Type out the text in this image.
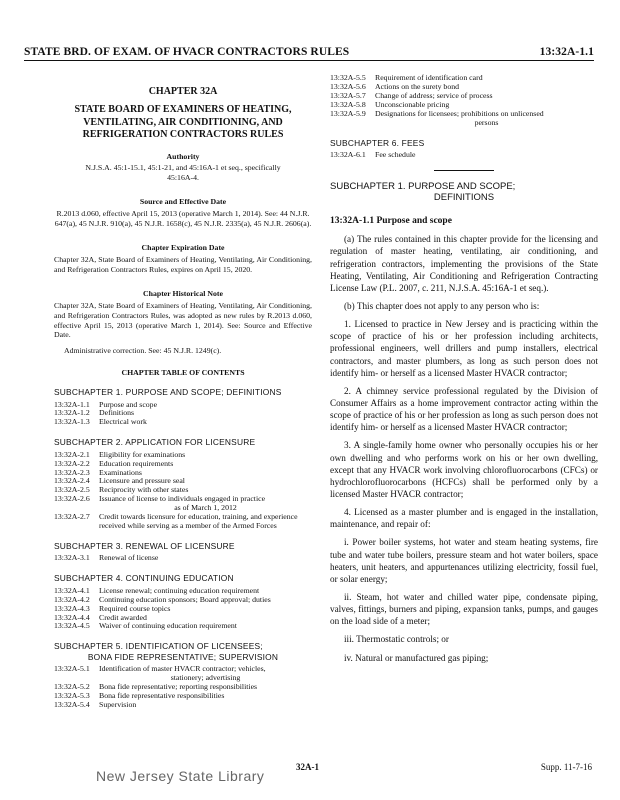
STATE BRD. OF EXAM. OF HVACR CONTRACTORS RULES	13:32A-1.1
CHAPTER 32A
STATE BOARD OF EXAMINERS OF HEATING, VENTILATING, AIR CONDITIONING, AND REFRIGERATION CONTRACTORS RULES
Authority
N.J.S.A. 45:1-15.1, 45:1-21, and 45:16A-1 et seq., specifically 45:16A-4.
Source and Effective Date
R.2013 d.060, effective April 15, 2013 (operative March 1, 2014). See: 44 N.J.R. 647(a), 45 N.J.R. 910(a), 45 N.J.R. 1658(c), 45 N.J.R. 2335(a), 45 N.J.R. 2606(a).
Chapter Expiration Date
Chapter 32A, State Board of Examiners of Heating, Ventilating, Air Conditioning, and Refrigeration Contractors Rules, expires on April 15, 2020.
Chapter Historical Note
Chapter 32A, State Board of Examiners of Heating, Ventilating, Air Conditioning, and Refrigeration Contractors Rules, was adopted as new rules by R.2013 d.060, effective April 15, 2013 (operative March 1, 2014). See: Source and Effective Date.
Administrative correction. See: 45 N.J.R. 1249(c).
CHAPTER TABLE OF CONTENTS
SUBCHAPTER 1. PURPOSE AND SCOPE; DEFINITIONS
13:32A-1.1	Purpose and scope
13:32A-1.2	Definitions
13:32A-1.3	Electrical work
SUBCHAPTER 2. APPLICATION FOR LICENSURE
13:32A-2.1	Eligibility for examinations
13:32A-2.2	Education requirements
13:32A-2.3	Examinations
13:32A-2.4	Licensure and pressure seal
13:32A-2.5	Reciprocity with other states
13:32A-2.6	Issuance of license to individuals engaged in practice
as of March 1, 2012
13:32A-2.7	Credit towards licensure for education, training, and experience received while serving as a member of the Armed Forces
SUBCHAPTER 3. RENEWAL OF LICENSURE
13:32A-3.1	Renewal of license
SUBCHAPTER 4. CONTINUING EDUCATION
13:32A-4.1	License renewal; continuing education requirement
13:32A-4.2	Continuing education sponsors; Board approval; duties
13:32A-4.3	Required course topics
13:32A-4.4	Credit awarded
13:32A-4.5	Waiver of continuing education requirement
SUBCHAPTER 5. IDENTIFICATION OF LICENSEES;
BONA FIDE REPRESENTATIVE; SUPERVISION
13:32A-5.1	Identification of master HVACR contractor; vehicles,
stationery; advertising
13:32A-5.2	Bona fide representative; reporting responsibilities
13:32A-5.3	Bona fide representative responsibilities
13:32A-5.4	Supervision
13:32A-5.5	Requirement of identification card
13:32A-5.6	Actions on the surety bond
13:32A-5.7	Change of address; service of process
13:32A-5.8	Unconscionable pricing
13:32A-5.9	Designations for licensees; prohibitions on unlicensed
persons
SUBCHAPTER 6. FEES
13:32A-6.1	Fee schedule
SUBCHAPTER 1. PURPOSE AND SCOPE;
DEFINITIONS
13:32A-1.1 Purpose and scope
(a) The rules contained in this chapter provide for the licensing and regulation of master heating, ventilating, air conditioning, and refrigeration contractors, implementing the provisions of the State Heating, Ventilating, Air Conditioning and Refrigeration Contracting License Law (P.L. 2007, c. 211, N.J.S.A. 45:16A-1 et seq.).
(b) This chapter does not apply to any person who is:
1. Licensed to practice in New Jersey and is practicing within the scope of practice of his or her profession including architects, professional engineers, well drillers and pump installers, electrical contractors, and master plumbers, as long as such person does not identify him- or herself as a licensed Master HVACR contractor;
2. A chimney service professional regulated by the Division of Consumer Affairs as a home improvement contractor acting within the scope of practice of his or her profession as long as such person does not identify him- or herself as a licensed Master HVACR contractor;
3. A single-family home owner who personally occupies his or her own dwelling and who performs work on his or her own dwelling, except that any HVACR work involving chlorofluorocarbons (CFCs) or hydrochlorofluorocarbons (HCFCs) shall be performed only by a licensed Master HVACR contractor;
4. Licensed as a master plumber and is engaged in the installation, maintenance, and repair of:
i. Power boiler systems, hot water and steam heating systems, fire tube and water tube boilers, pressure steam and hot water boilers, space heaters, unit heaters, and appurtenances utilizing electricity, fossil fuel, or solar energy;
ii. Steam, hot water and chilled water pipe, condensate piping, valves, fittings, burners and piping, expansion tanks, pumps, and gauges on the load side of a meter;
iii. Thermostatic controls; or
iv. Natural or manufactured gas piping;
32A-1	Supp. 11-7-16
New Jersey State Library
